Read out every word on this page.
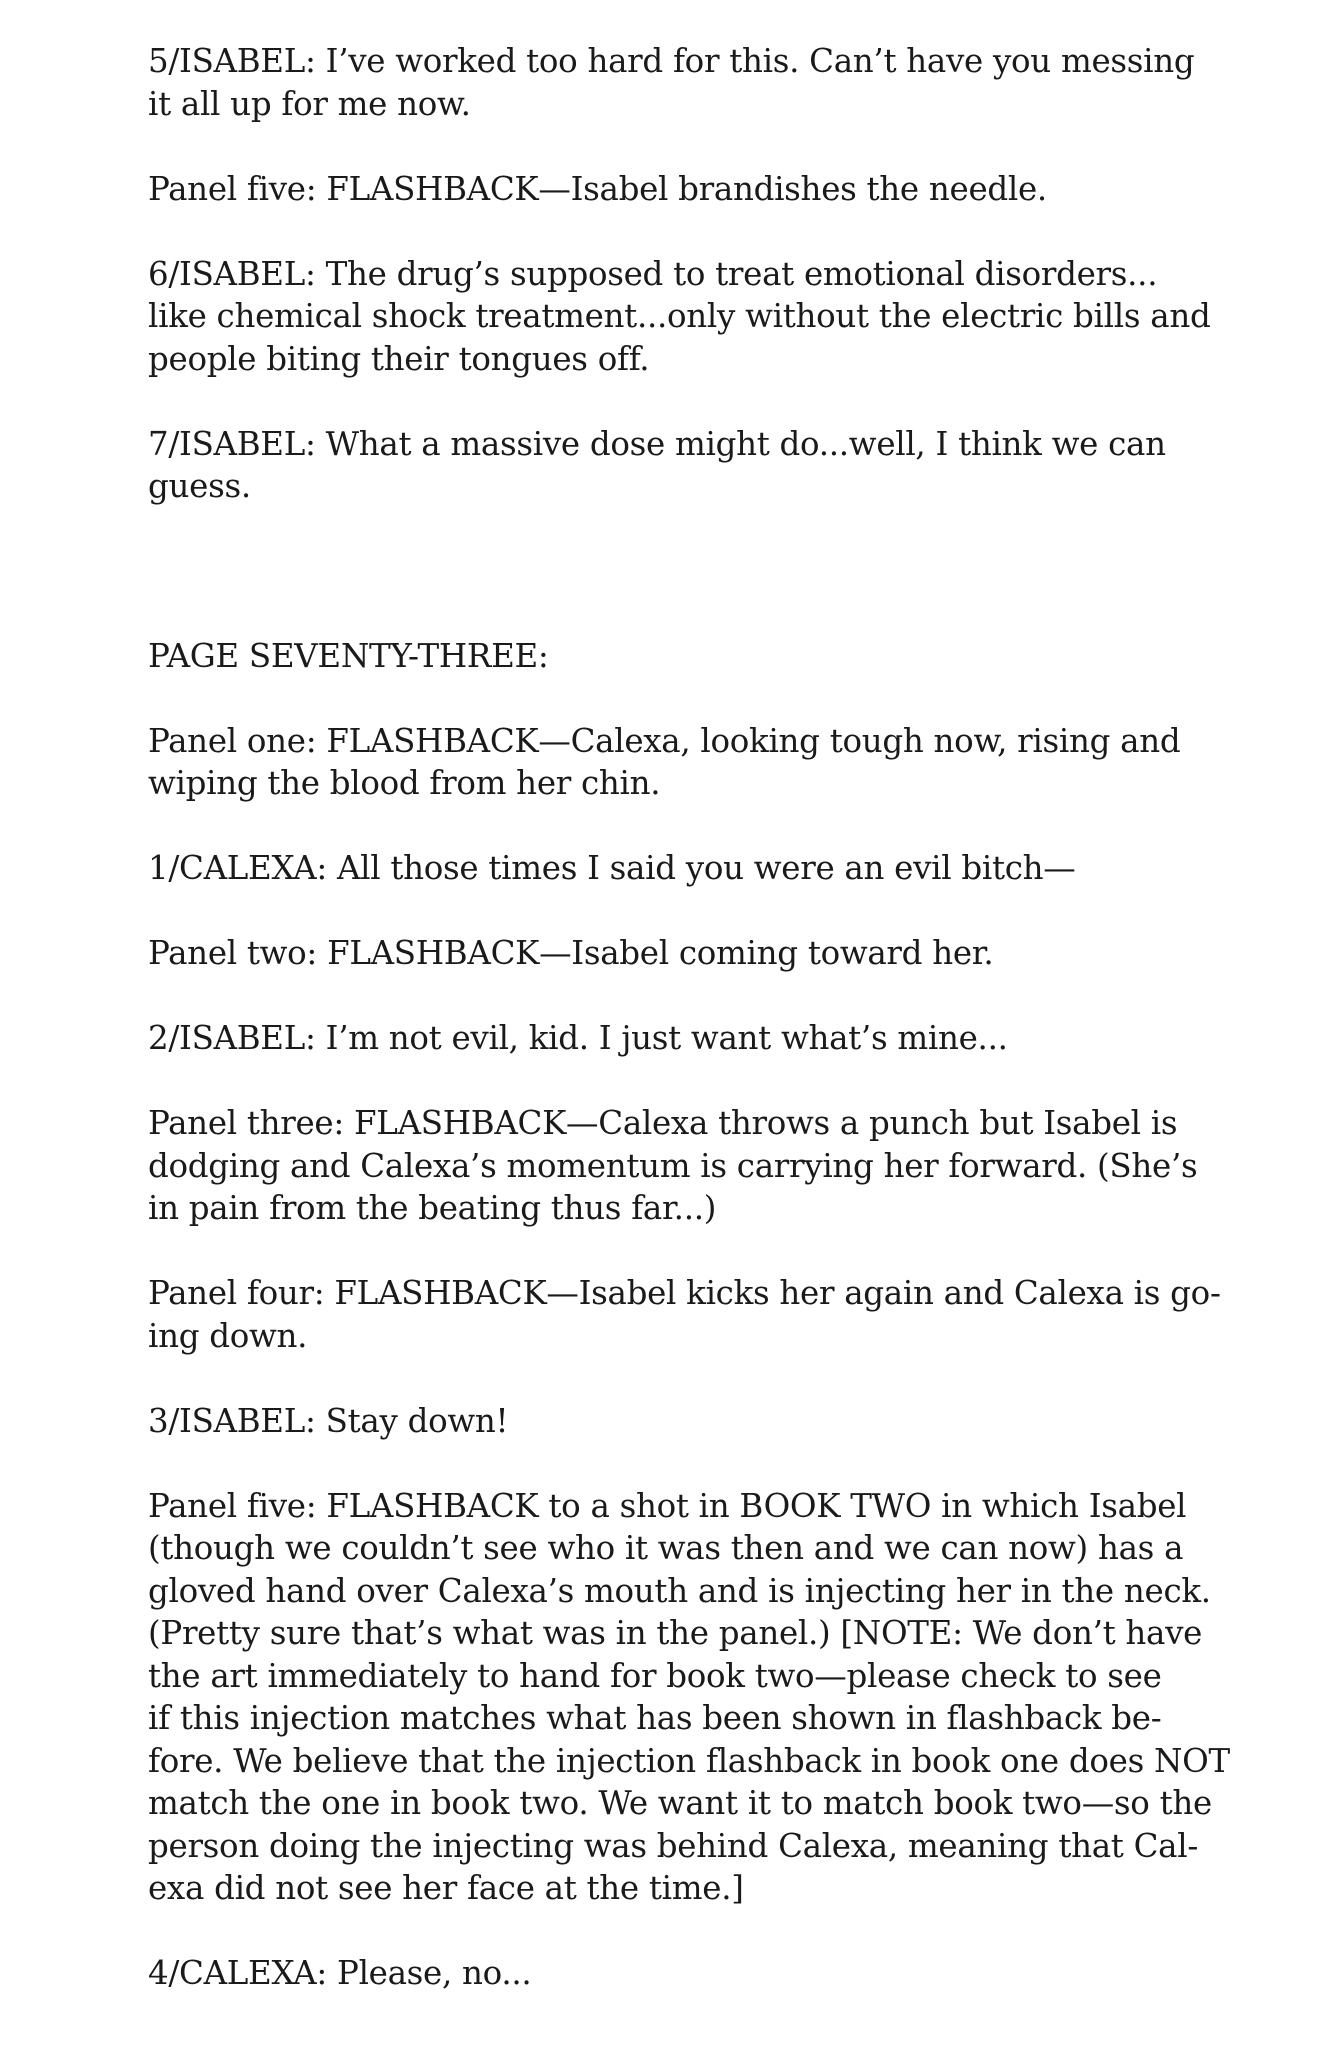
5/ISABEL: I’ve worked too hard for this. Can’t have you messing
it all up for me now.
Panel five: FLASHBACK—Isabel brandishes the needle.
6/ISABEL: The drug’s supposed to treat emotional disorders...
like chemical shock treatment...only without the electric bills and
people biting their tongues off.
7/ISABEL: What a massive dose might do...well, I think we can
guess.
PAGE SEVENTY-THREE:
Panel one: FLASHBACK—Calexa, looking tough now, rising and
wiping the blood from her chin.
1/CALEXA: All those times I said you were an evil bitch—
Panel two: FLASHBACK—Isabel coming toward her.
2/ISABEL: I’m not evil, kid. I just want what’s mine...
Panel three: FLASHBACK—Calexa throws a punch but Isabel is
dodging and Calexa’s momentum is carrying her forward. (She’s
in pain from the beating thus far...)
Panel four: FLASHBACK—Isabel kicks her again and Calexa is go-
ing down.
3/ISABEL: Stay down!
Panel five: FLASHBACK to a shot in BOOK TWO in which Isabel
(though we couldn’t see who it was then and we can now) has a
gloved hand over Calexa’s mouth and is injecting her in the neck.
(Pretty sure that’s what was in the panel.) [NOTE: We don’t have
the art immediately to hand for book two—please check to see
if this injection matches what has been shown in flashback be-
fore. We believe that the injection flashback in book one does NOT
match the one in book two. We want it to match book two—so the
person doing the injecting was behind Calexa, meaning that Cal-
exa did not see her face at the time.]
4/CALEXA: Please, no...
